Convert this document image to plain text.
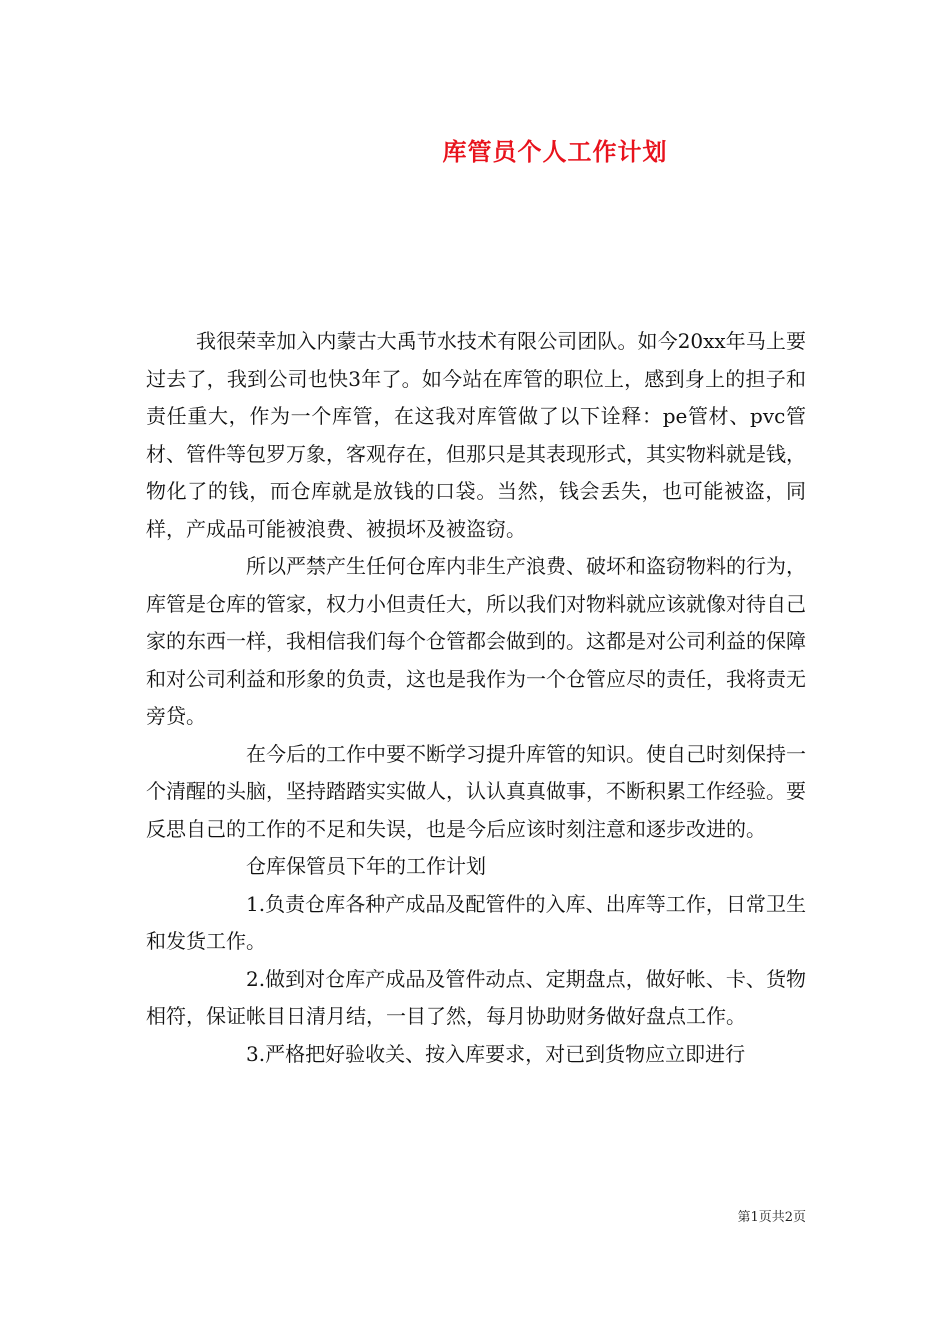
库管员个人工作计划

我很荣幸加入内蒙古大禹节水技术有限公司团队。如今20xx年马上要过去了，我到公司也快3年了。如今站在库管的职位上，感到身上的担子和责任重大，作为一个库管，在这我对库管做了以下诠释：pe管材、pvc管材、管件等包罗万象，客观存在，但那只是其表现形式，其实物料就是钱，物化了的钱，而仓库就是放钱的口袋。当然，钱会丢失，也可能被盗，同样，产成品可能被浪费、被损坏及被盗窃。

所以严禁产生任何仓库内非生产浪费、破坏和盗窃物料的行为，库管是仓库的管家，权力小但责任大，所以我们对物料就应该就像对待自己家的东西一样，我相信我们每个仓管都会做到的。这都是对公司利益的保障和对公司利益和形象的负责，这也是我作为一个仓管应尽的责任，我将责无旁贷。

在今后的工作中要不断学习提升库管的知识。使自己时刻保持一个清醒的头脑，坚持踏踏实实做人，认认真真做事，不断积累工作经验。要反思自己的工作的不足和失误，也是今后应该时刻注意和逐步改进的。

仓库保管员下年的工作计划

1.负责仓库各种产成品及配管件的入库、出库等工作，日常卫生和发货工作。

2.做到对仓库产成品及管件动点、定期盘点，做好帐、卡、货物相符，保证帐目日清月结，一目了然，每月协助财务做好盘点工作。

3.严格把好验收关、按入库要求，对已到货物应立即进行

第1页共2页
